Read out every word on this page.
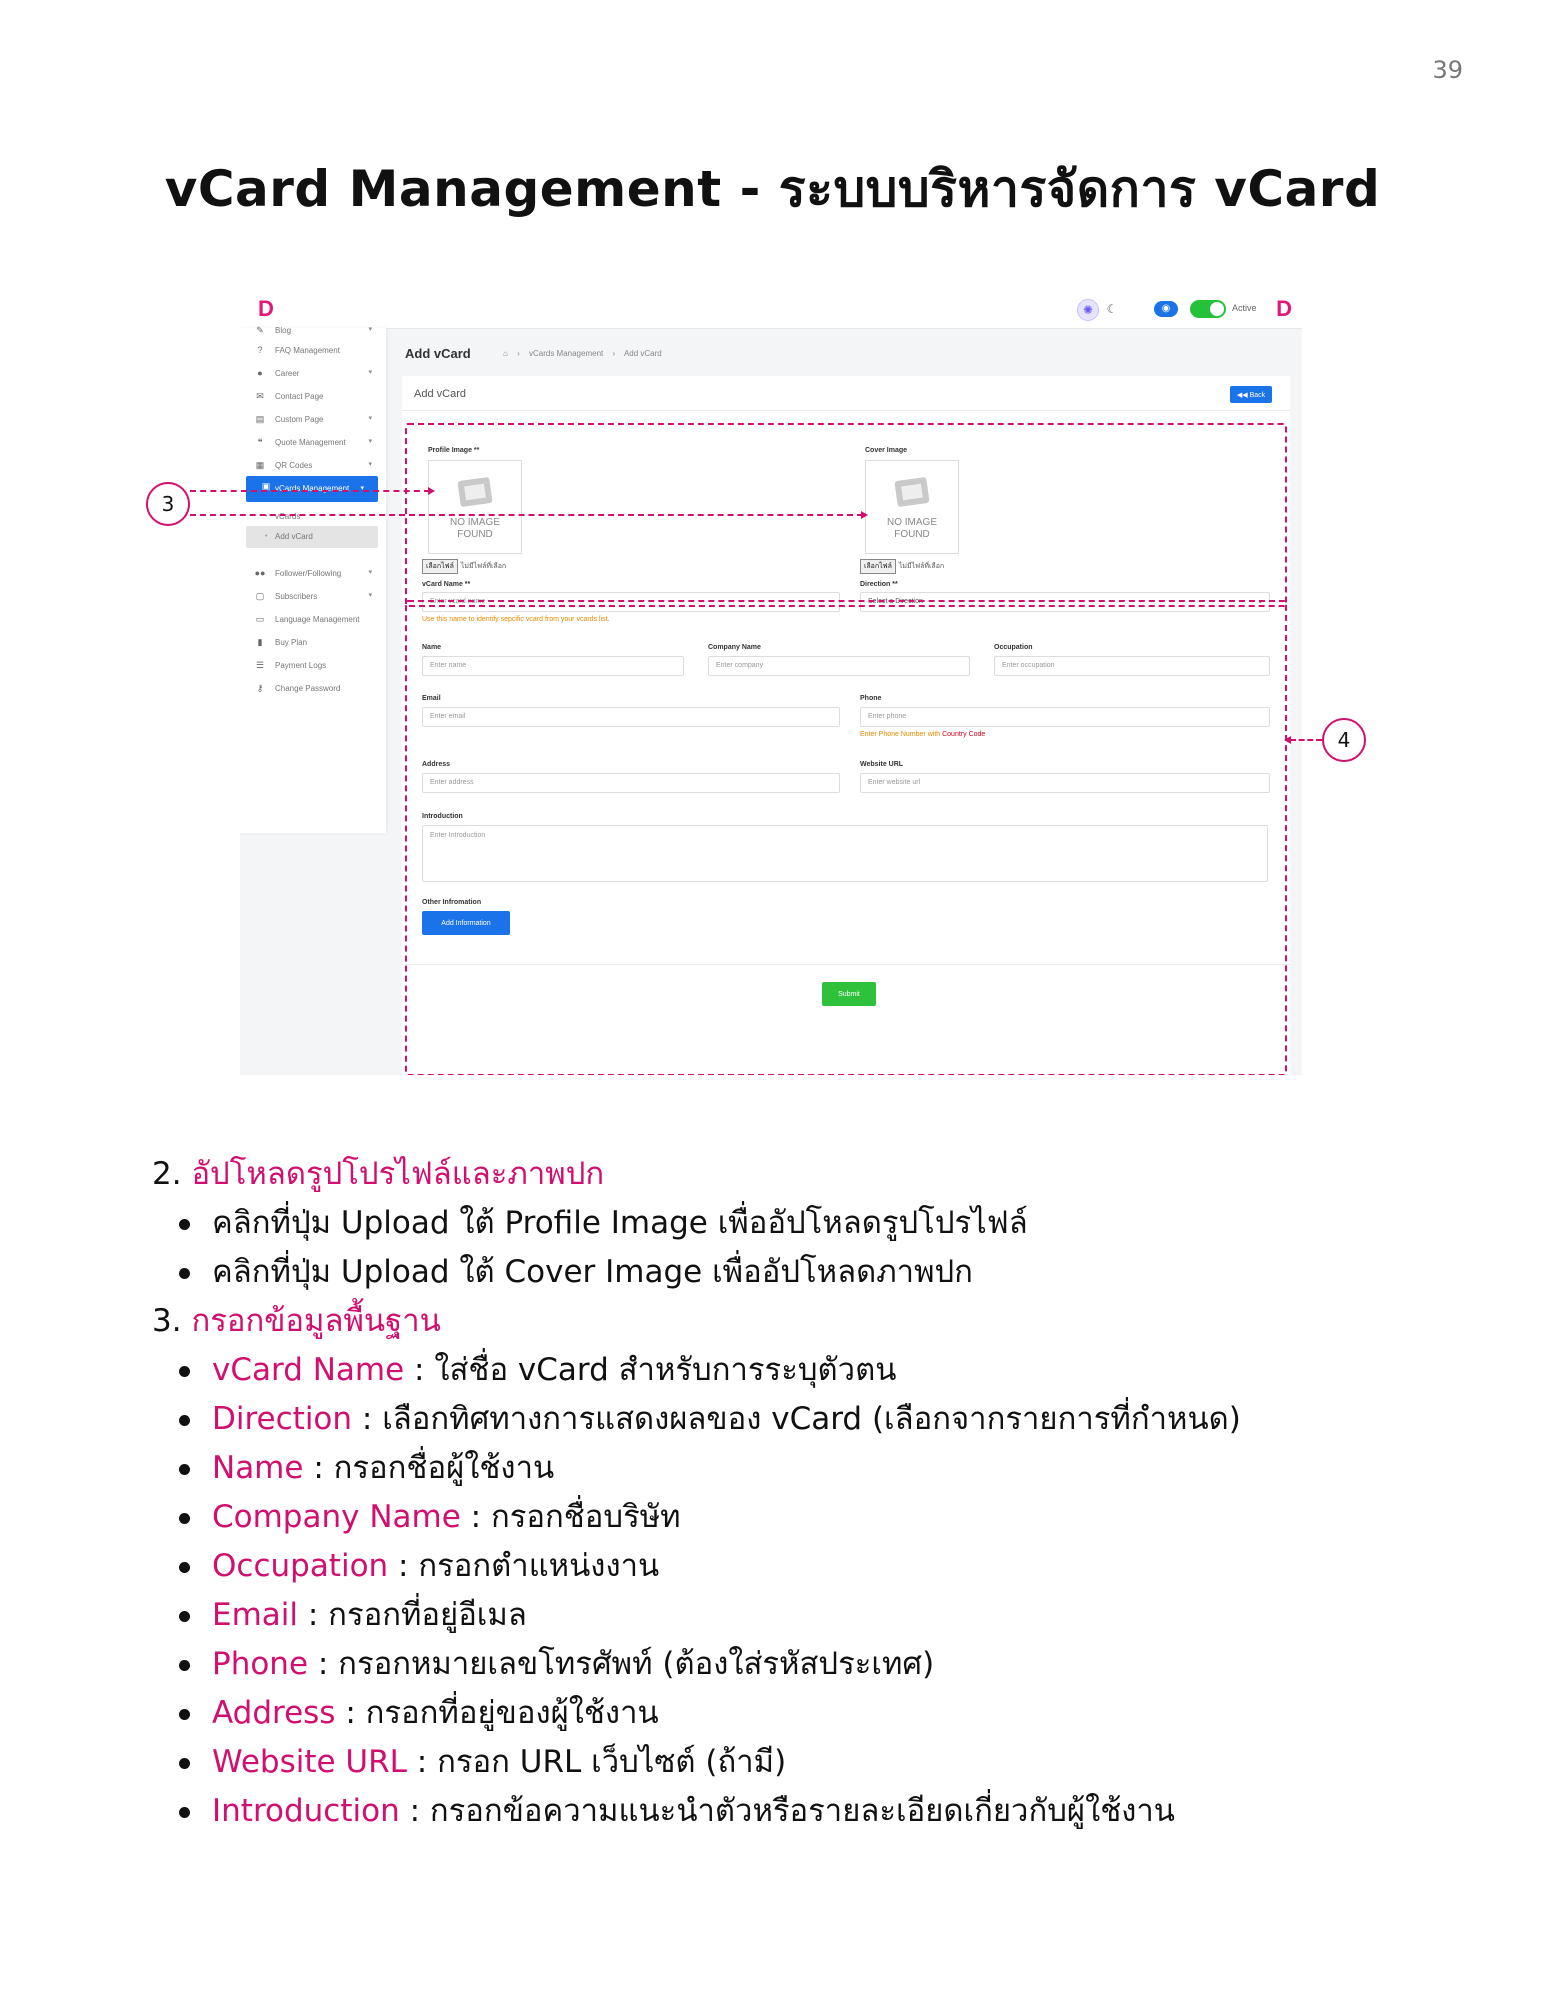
39
vCard Management - ระบบบริหารจัดการ vCard
D	✺	☾	◉	Active D
✎ Blog	▾
?	FAQ Management
●	Career	▾
✉ Contact Page
▤ Custom Page	▾
❝	Quote Management	▾
▦ QR Codes	▾
▣ vCards Management ▾
• vCards
• Add vCard
●● Follower/Following	▾
▢ Subscribers	▾
▭ Language Management
▮	Buy Plan
☰ Payment Logs
⚷	Change Password
Add vCard	⌂ › vCards Management › Add vCard
Add vCard	◀◀ Back
Profile Image **
NO IMAGE
FOUND
เลือกไฟล์ ไม่มีไฟล์ที่เลือก
Cover Image
NO IMAGE
FOUND
เลือกไฟล์ ไม่มีไฟล์ที่เลือก
vCard Name **
Enter vcard name
Use this name to identify sepcific vcard from your vcards list.
Direction **
Select a Direction	⌄
Name
Enter name
Company Name
Enter company
Occupation
Enter occupation
Email
Enter email
Phone
Enter phone
Enter Phone Number with Country Code
Address
Enter address
Website URL
Enter website url
Introduction
Enter Introduction
Other Infromation
Add Information
Submit
3
4

2. อัปโหลดรูปโปรไฟล์และภาพปก

คลิกที่ปุ่ม Upload ใต้ Profile Image เพื่ออัปโหลดรูปโปรไฟล์

คลิกที่ปุ่ม Upload ใต้ Cover Image เพื่ออัปโหลดภาพปก

3. กรอกข้อมูลพื้นฐาน

vCard Name : ใส่ชื่อ vCard สำหรับการระบุตัวตน

Direction : เลือกทิศทางการแสดงผลของ vCard (เลือกจากรายการที่กำหนด)

Name : กรอกชื่อผู้ใช้งาน

Company Name : กรอกชื่อบริษัท

Occupation : กรอกตำแหน่งงาน

Email : กรอกที่อยู่อีเมล

Phone : กรอกหมายเลขโทรศัพท์ (ต้องใส่รหัสประเทศ)

Address : กรอกที่อยู่ของผู้ใช้งาน

Website URL : กรอก URL เว็บไซต์ (ถ้ามี)

Introduction : กรอกข้อความแนะนำตัวหรือรายละเอียดเกี่ยวกับผู้ใช้งาน
